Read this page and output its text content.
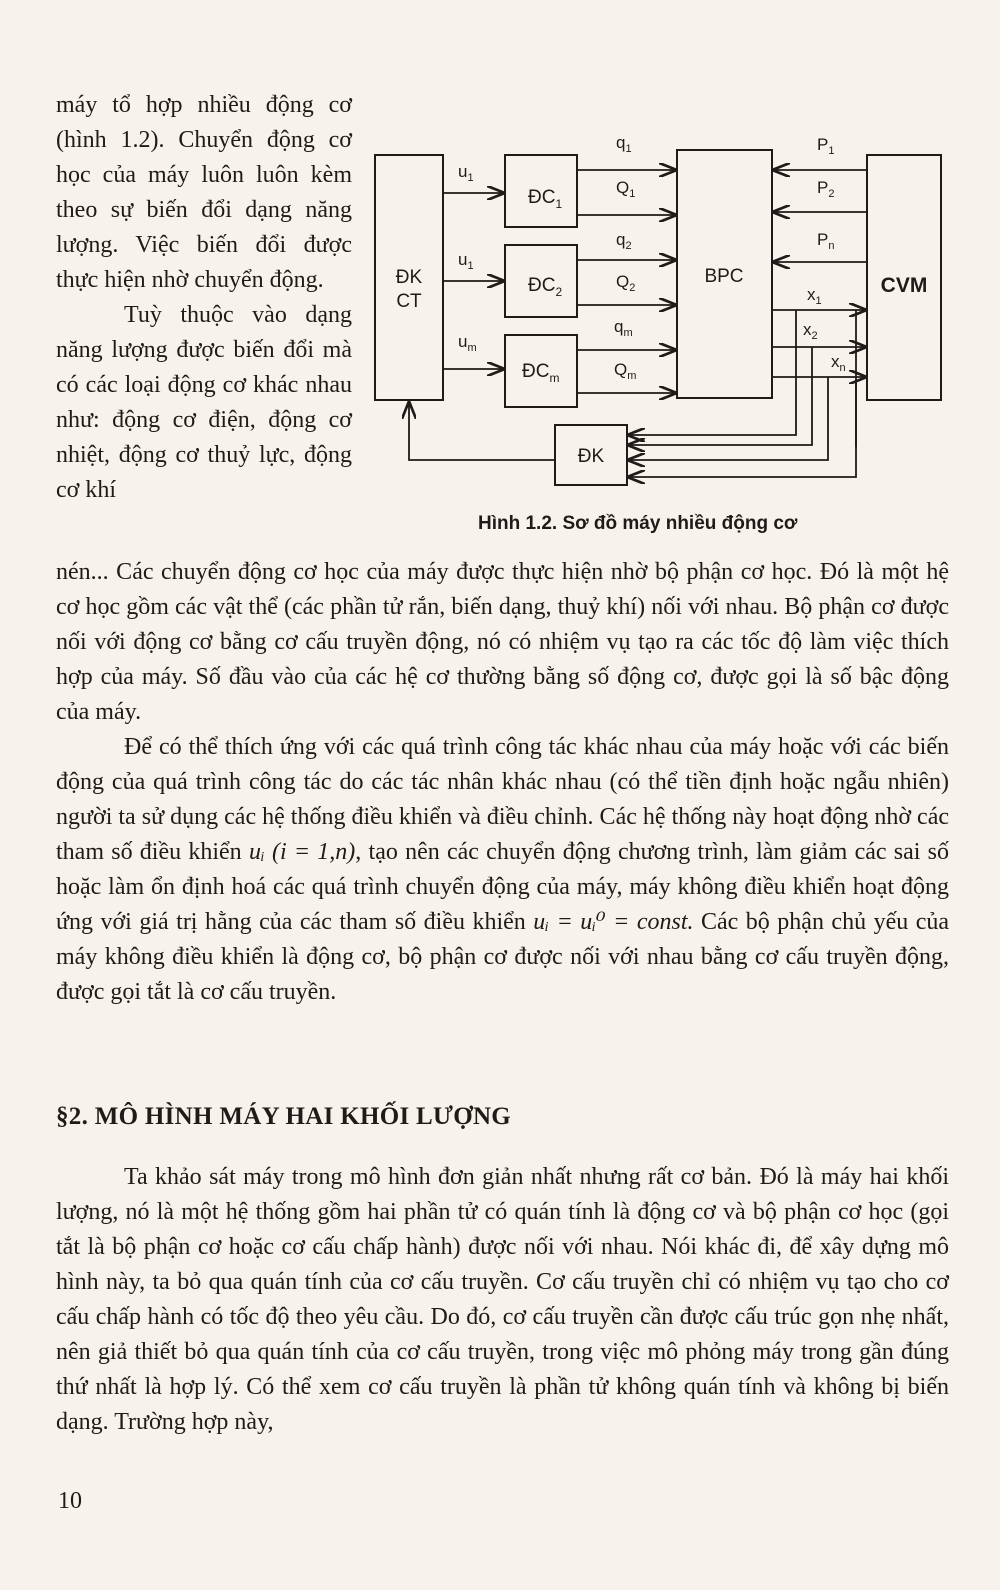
máy tổ hợp nhiều động cơ (hình 1.2). Chuyển động cơ học của máy luôn luôn kèm theo sự biến đổi dạng năng lượng. Việc biến đổi được thực hiện nhờ chuyển động.

Tuỳ thuộc vào dạng năng lượng được biến đổi mà có các loại động cơ khác nhau như: động cơ điện, động cơ nhiệt, động cơ thuỷ lực, động cơ khí

ĐK
CT
$ĐC_1$
$ĐC_2$
$ĐC_m$
BPC	CVM
ĐK
$u_1$
$u_1$
$u_m$
$q_1$
$Q_1$
$q_2$
$Q_2$
$q_m$
$Q_m$
$P_1$
$P_2$
$P_n$
$x_1$
$x_2$
$x_n$
Hình 1.2. Sơ đồ máy nhiều động cơ

nén... Các chuyển động cơ học của máy được thực hiện nhờ bộ phận cơ học. Đó là một hệ cơ học gồm các vật thể (các phần tử rắn, biến dạng, thuỷ khí) nối với nhau. Bộ phận cơ được nối với động cơ bằng cơ cấu truyền động, nó có nhiệm vụ tạo ra các tốc độ làm việc thích hợp của máy. Số đầu vào của các hệ cơ thường bằng số động cơ, được gọi là số bậc động của máy.

Để có thể thích ứng với các quá trình công tác khác nhau của máy hoặc với các biến động của quá trình công tác do các tác nhân khác nhau (có thể tiền định hoặc ngẫu nhiên) người ta sử dụng các hệ thống điều khiển và điều chỉnh. Các hệ thống này hoạt động nhờ các tham số điều khiển uᵢ (i = 1,n), tạo nên các chuyển động chương trình, làm giảm các sai số hoặc làm ổn định hoá các quá trình chuyển động của máy, máy không điều khiển hoạt động ứng với giá trị hằng của các tham số điều khiển uᵢ = uᵢ⁰ = const. Các bộ phận chủ yếu của máy không điều khiển là động cơ, bộ phận cơ được nối với nhau bằng cơ cấu truyền động, được gọi tắt là cơ cấu truyền.

§2. MÔ HÌNH MÁY HAI KHỐI LƯỢNG

Ta khảo sát máy trong mô hình đơn giản nhất nhưng rất cơ bản. Đó là máy hai khối lượng, nó là một hệ thống gồm hai phần tử có quán tính là động cơ và bộ phận cơ học (gọi tắt là bộ phận cơ hoặc cơ cấu chấp hành) được nối với nhau. Nói khác đi, để xây dựng mô hình này, ta bỏ qua quán tính của cơ cấu truyền. Cơ cấu truyền chỉ có nhiệm vụ tạo cho cơ cấu chấp hành có tốc độ theo yêu cầu. Do đó, cơ cấu truyền cần được cấu trúc gọn nhẹ nhất, nên giả thiết bỏ qua quán tính của cơ cấu truyền, trong việc mô phỏng máy trong gần đúng thứ nhất là hợp lý. Có thể xem cơ cấu truyền là phần tử không quán tính và không bị biến dạng. Trường hợp này,

10
